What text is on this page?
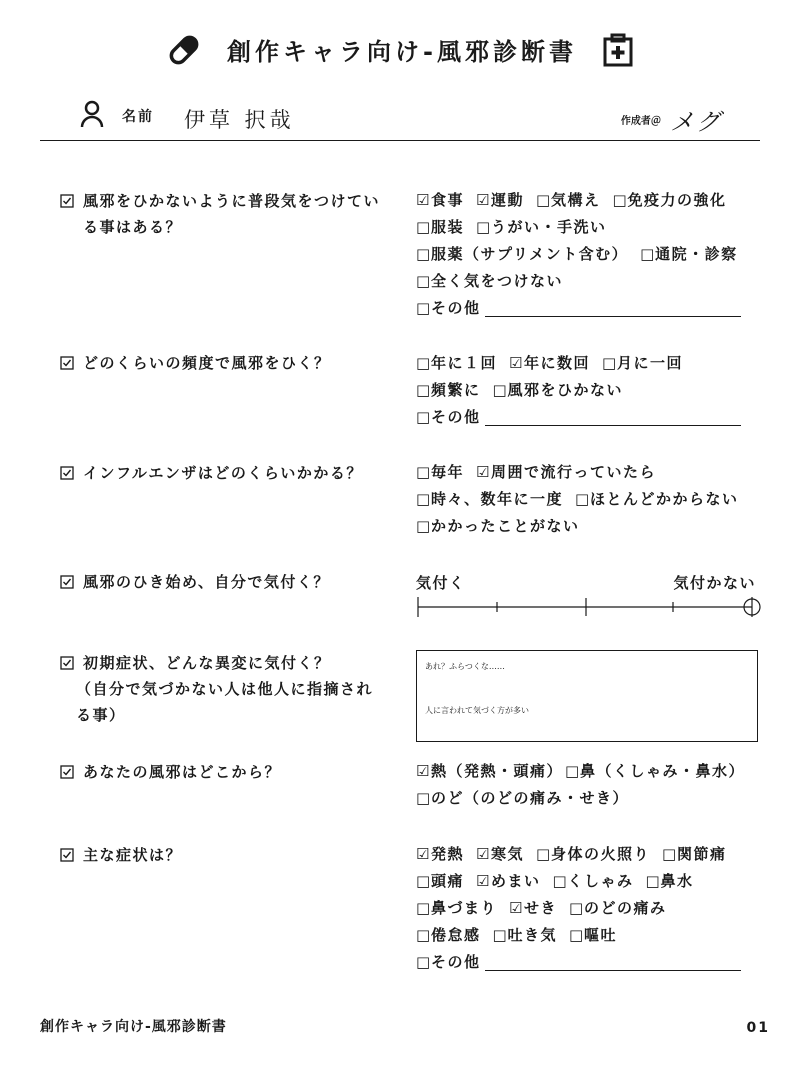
創作キャラ向け-風邪診断書
名前 伊草 択哉	作成者＠ メグ
風邪をひかないように普段気をつけている事はある？
☑食事 ☑運動 □気構え □免疫力の強化
□服装 □うがい・手洗い
□服薬（サプリメント含む） □通院・診察
□全く気をつけない
□その他
どのくらいの頻度で風邪をひく？	□年に１回 ☑年に数回 □月に一回
□頻繁に □風邪をひかない
□その他
インフルエンザはどのくらいかかる？	□毎年 ☑周囲で流行っていたら
□時々、数年に一度 □ほとんどかからない
□かかったことがない
風邪のひき始め、自分で気付く？	気付く	気付かない
初期症状、どんな異変に気付く？
（自分で気づかない人は他人に指摘される事）
あれ？ふらつくな……
人に言われて気づく方が多い
あなたの風邪はどこから？	☑熱（発熱・頭痛） □鼻（くしゃみ・鼻水）
□のど（のどの痛み・せき）
主な症状は？	☑発熱 ☑寒気 □身体の火照り □関節痛
□頭痛 ☑めまい □くしゃみ □鼻水
□鼻づまり ☑せき □のどの痛み
□倦怠感 □吐き気 □嘔吐
□その他
創作キャラ向け-風邪診断書	01
